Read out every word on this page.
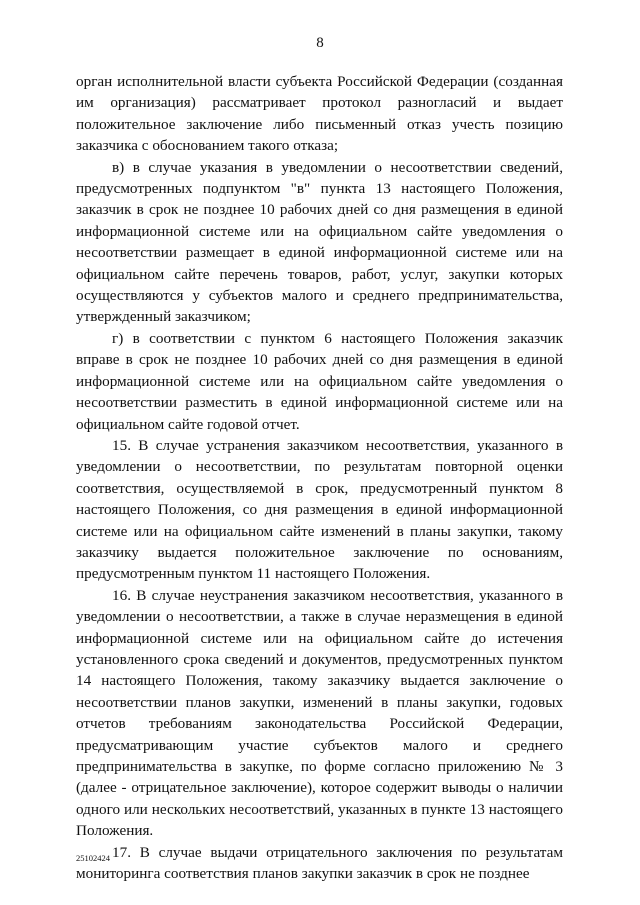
8

орган исполнительной власти субъекта Российской Федерации (созданная им организация) рассматривает протокол разногласий и выдает положительное заключение либо письменный отказ учесть позицию заказчика с обоснованием такого отказа;

в) в случае указания в уведомлении о несоответствии сведений, предусмотренных подпунктом "в" пункта 13 настоящего Положения, заказчик в срок не позднее 10 рабочих дней со дня размещения в единой информационной системе или на официальном сайте уведомления о несоответствии размещает в единой информационной системе или на официальном сайте перечень товаров, работ, услуг, закупки которых осуществляются у субъектов малого и среднего предпринимательства, утвержденный заказчиком;

г) в соответствии с пунктом 6 настоящего Положения заказчик вправе в срок не позднее 10 рабочих дней со дня размещения в единой информационной системе или на официальном сайте уведомления о несоответствии разместить в единой информационной системе или на официальном сайте годовой отчет.

15. В случае устранения заказчиком несоответствия, указанного в уведомлении о несоответствии, по результатам повторной оценки соответствия, осуществляемой в срок, предусмотренный пунктом 8 настоящего Положения, со дня размещения в единой информационной системе или на официальном сайте изменений в планы закупки, такому заказчику выдается положительное заключение по основаниям, предусмотренным пунктом 11 настоящего Положения.

16. В случае неустранения заказчиком несоответствия, указанного в уведомлении о несоответствии, а также в случае неразмещения в единой информационной системе или на официальном сайте до истечения установленного срока сведений и документов, предусмотренных пунктом 14 настоящего Положения, такому заказчику выдается заключение о несоответствии планов закупки, изменений в планы закупки, годовых отчетов требованиям законодательства Российской Федерации, предусматривающим участие субъектов малого и среднего предпринимательства в закупке, по форме согласно приложению № 3 (далее - отрицательное заключение), которое содержит выводы о наличии одного или нескольких несоответствий, указанных в пункте 13 настоящего Положения.

17. В случае выдачи отрицательного заключения по результатам мониторинга соответствия планов закупки заказчик в срок не позднее

25102424
